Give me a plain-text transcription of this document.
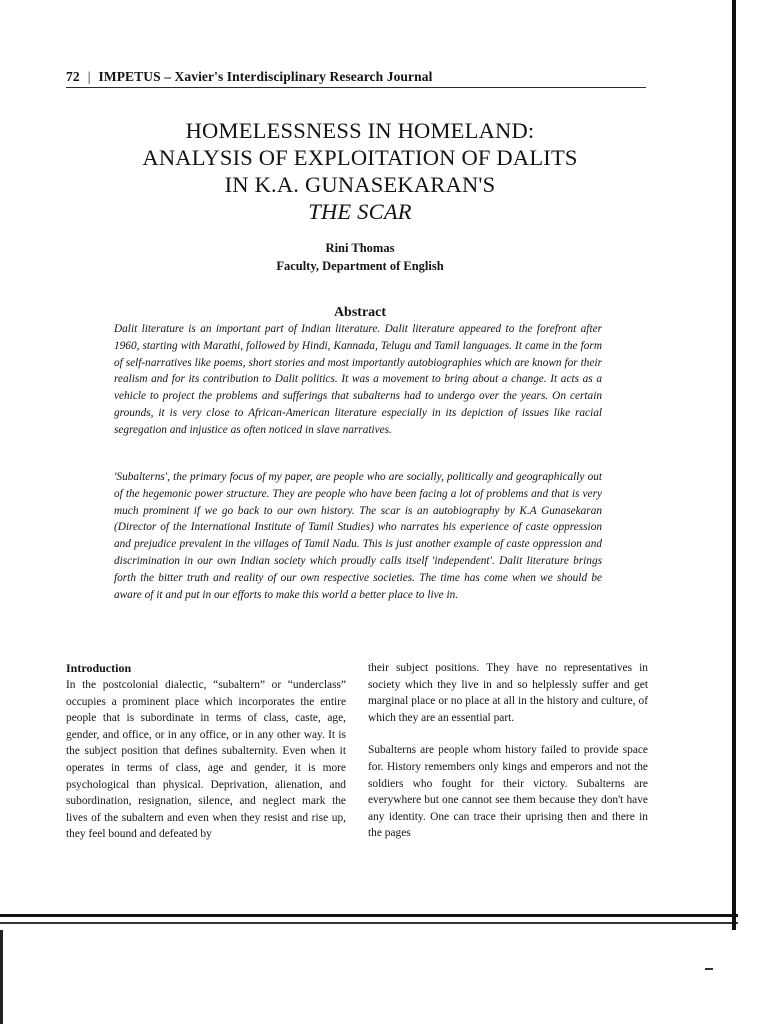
72 | IMPETUS – Xavier's Interdisciplinary Research Journal
HOMELESSNESS IN HOMELAND:
ANALYSIS OF EXPLOITATION OF DALITS
IN K.A. GUNASEKARAN'S
THE SCAR
Rini Thomas
Faculty, Department of English
Abstract

Dalit literature is an important part of Indian literature. Dalit literature appeared to the forefront after 1960, starting with Marathi, followed by Hindi, Kannada, Telugu and Tamil languages. It came in the form of self-narratives like poems, short stories and most importantly autobiographies which are known for their realism and for its contribution to Dalit politics. It was a movement to bring about a change. It acts as a vehicle to project the problems and sufferings that subalterns had to undergo over the years. On certain grounds, it is very close to African-American literature especially in its depiction of issues like racial segregation and injustice as often noticed in slave narratives.

'Subalterns', the primary focus of my paper, are people who are socially, politically and geographically out of the hegemonic power structure. They are people who have been facing a lot of problems and that is very much prominent if we go back to our own history. The scar is an autobiography by K.A Gunasekaran (Director of the International Institute of Tamil Studies) who narrates his experience of caste oppression and prejudice prevalent in the villages of Tamil Nadu. This is just another example of caste oppression and discrimination in our own Indian society which proudly calls itself 'independent'. Dalit literature brings forth the bitter truth and reality of our own respective societies. The time has come when we should be aware of it and put in our efforts to make this world a better place to live in.

Introduction

In the postcolonial dialectic, “subaltern” or “underclass” occupies a prominent place which incorporates the entire people that is subordinate in terms of class, caste, age, gender, and office, or in any office, or in any other way. It is the subject position that defines subalternity. Even when it operates in terms of class, age and gender, it is more psychological than physical. Deprivation, alienation, and subordination, resignation, silence, and neglect mark the lives of the subaltern and even when they resist and rise up, they feel bound and defeated by

their subject positions. They have no representatives in society which they live in and so helplessly suffer and get marginal place or no place at all in the history and culture, of which they are an essential part.

Subalterns are people whom history failed to provide space for. History remembers only kings and emperors and not the soldiers who fought for their victory. Subalterns are everywhere but one cannot see them because they don't have any identity. One can trace their uprising then and there in the pages
